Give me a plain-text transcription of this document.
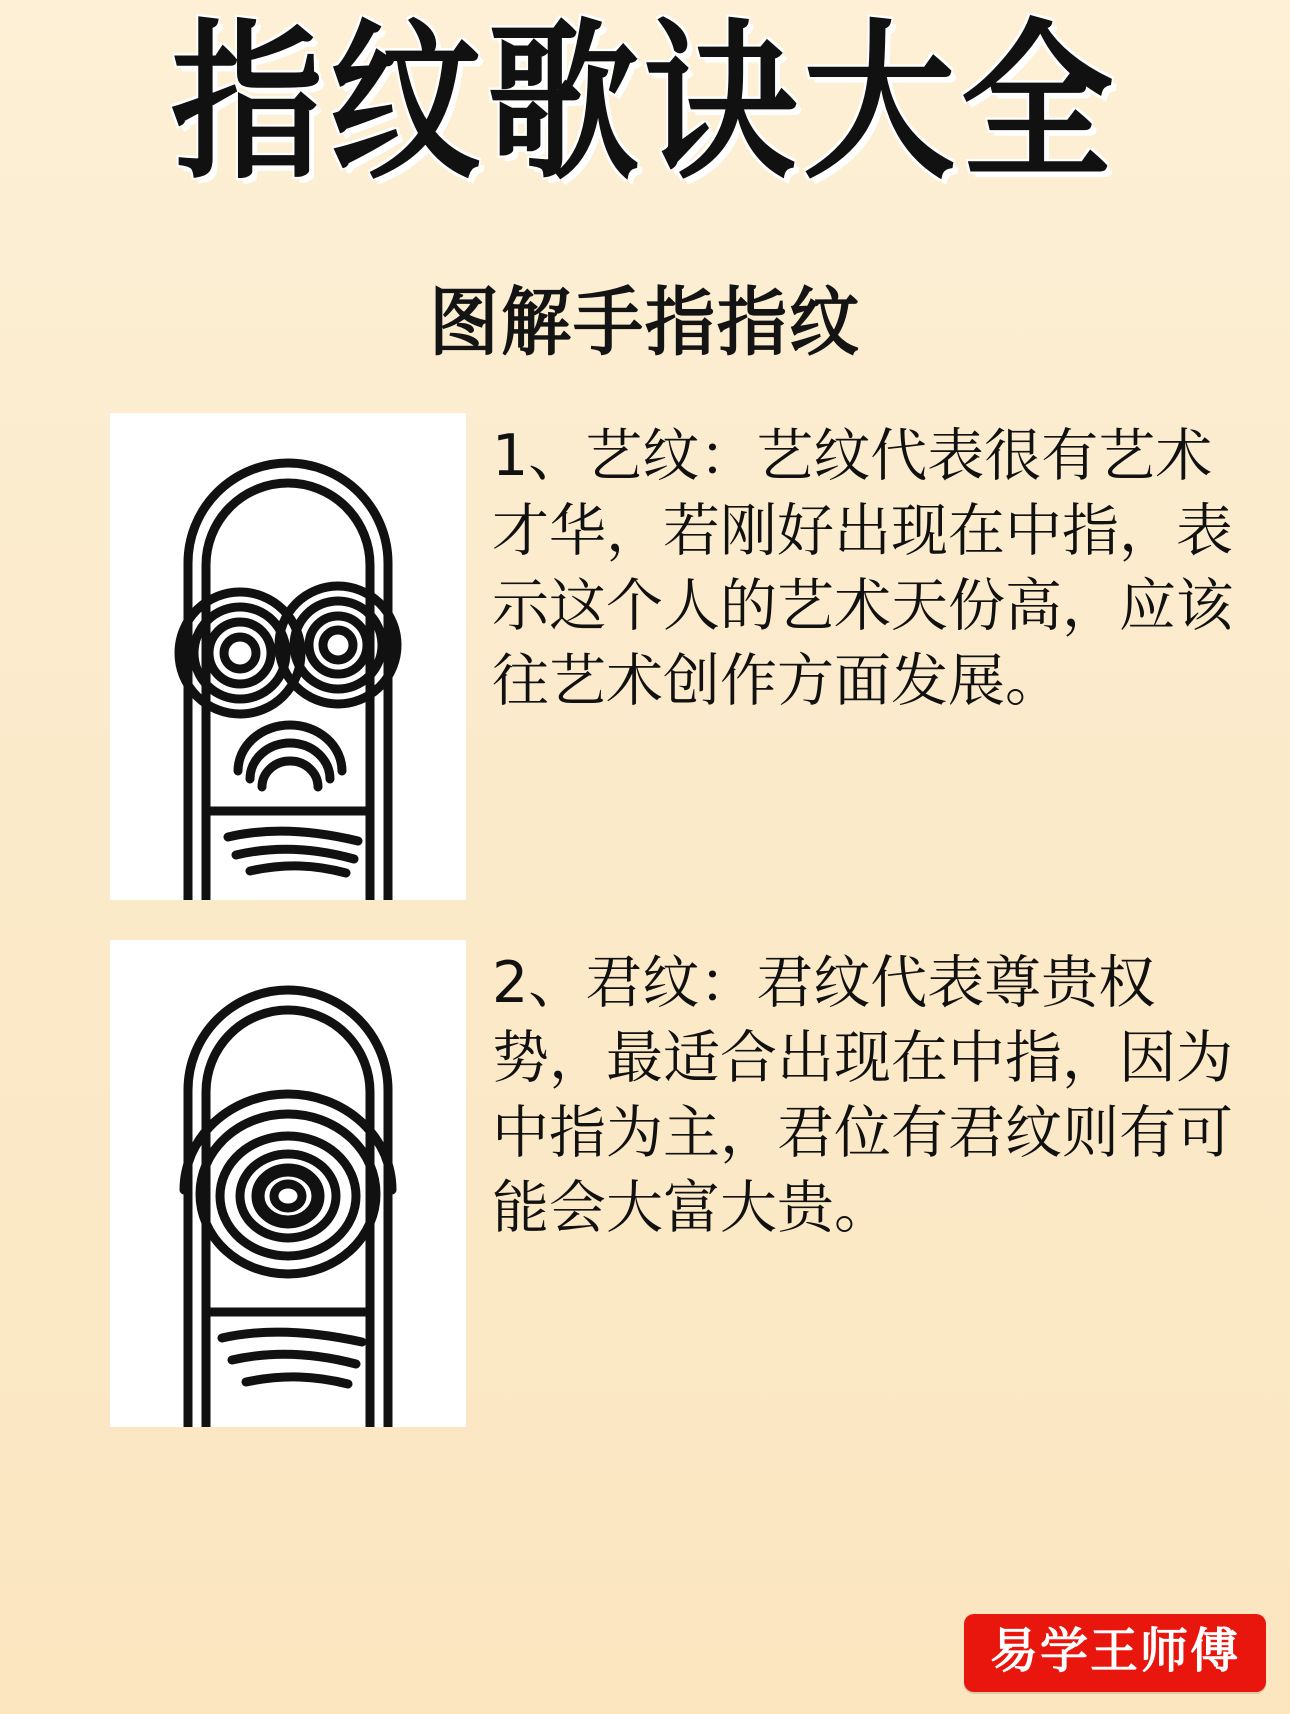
指纹歌诀大全
图解手指指纹
1、艺纹：艺纹代表很有艺术才华，若刚好出现在中指，表示这个人的艺术天份高，应该往艺术创作方面发展。
2、君纹：君纹代表尊贵权势，最适合出现在中指，因为中指为主，君位有君纹则有可能会大富大贵。
易学王师傅
